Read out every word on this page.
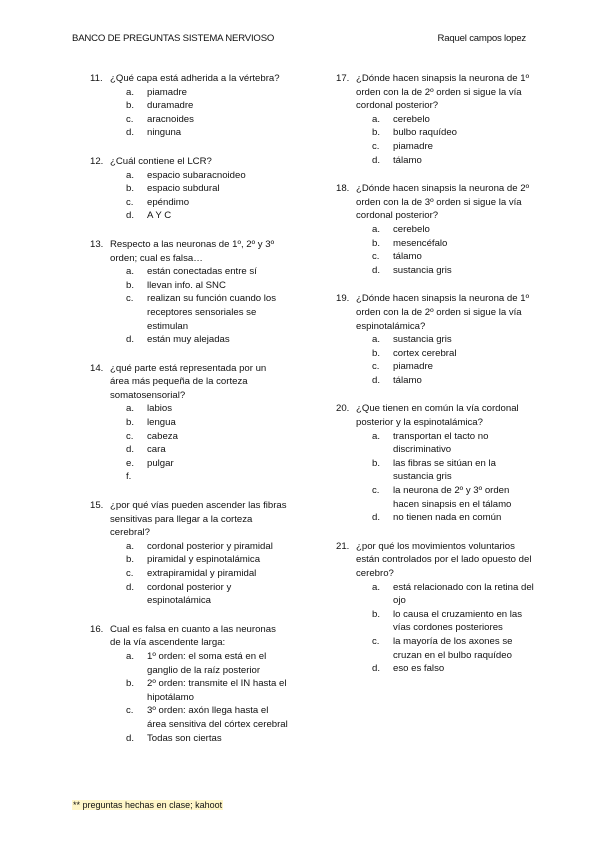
BANCO DE PREGUNTAS SISTEMA NERVIOSO	Raquel campos lopez
11. ¿Qué capa está adherida a la vértebra?
a.	piamadre
b.	duramadre
c.	aracnoides
d.	ninguna
12. ¿Cuál contiene el LCR?
a.	espacio subaracnoideo
b.	espacio subdural
c.	epéndimo
d.	A Y C
13. Respecto a las neuronas de 1º, 2º y 3º orden; cual es falsa…
a.	están conectadas entre sí
b.	llevan info. al SNC
c.	realizan su función cuando los receptores sensoriales se estimulan
d.	están muy alejadas
14. ¿qué parte está representada por un área más pequeña de la corteza somatosensorial?
a.	labios
b.	lengua
c.	cabeza
d.	cara
e.	pulgar
f.
15. ¿por qué vías pueden ascender las fibras sensitivas para llegar a la corteza cerebral?
a.	cordonal posterior y piramidal
b.	piramidal y espinotalámica
c.	extrapiramidal y piramidal
d.	cordonal posterior y espinotalámica
16. Cual es falsa en cuanto a las neuronas de la vía ascendente larga:
a.	1º orden: el soma está en el ganglio de la raíz posterior
b.	2º orden: transmite el IN hasta el hipotálamo
c.	3º orden: axón llega hasta el área sensitiva del córtex cerebral
d.	Todas son ciertas
17. ¿Dónde hacen sinapsis la neurona de 1º orden con la de 2º orden si sigue la vía cordonal posterior?
a.	cerebelo
b.	bulbo raquídeo
c.	piamadre
d.	tálamo
18. ¿Dónde hacen sinapsis la neurona de 2º orden con la de 3º orden si sigue la vía cordonal posterior?
a.	cerebelo
b.	mesencéfalo
c.	tálamo
d.	sustancia gris
19. ¿Dónde hacen sinapsis la neurona de 1º orden con la de 2º orden si sigue la vía espinotalámica?
a.	sustancia gris
b.	cortex cerebral
c.	piamadre
d.	tálamo
20. ¿Que tienen en común la vía cordonal posterior y la espinotalámica?
a.	transportan el tacto no discriminativo
b.	las fibras se sitúan en la sustancia gris
c.	la neurona de 2º y 3º orden hacen sinapsis en el tálamo
d.	no tienen nada en común
21. ¿por qué los movimientos voluntarios están controlados por el lado opuesto del cerebro?
a.	está relacionado con la retina del ojo
b.	lo causa el cruzamiento en las vías cordones posteriores
c.	la mayoría de los axones se cruzan en el bulbo raquídeo
d.	eso es falso
** preguntas hechas en clase; kahoot
